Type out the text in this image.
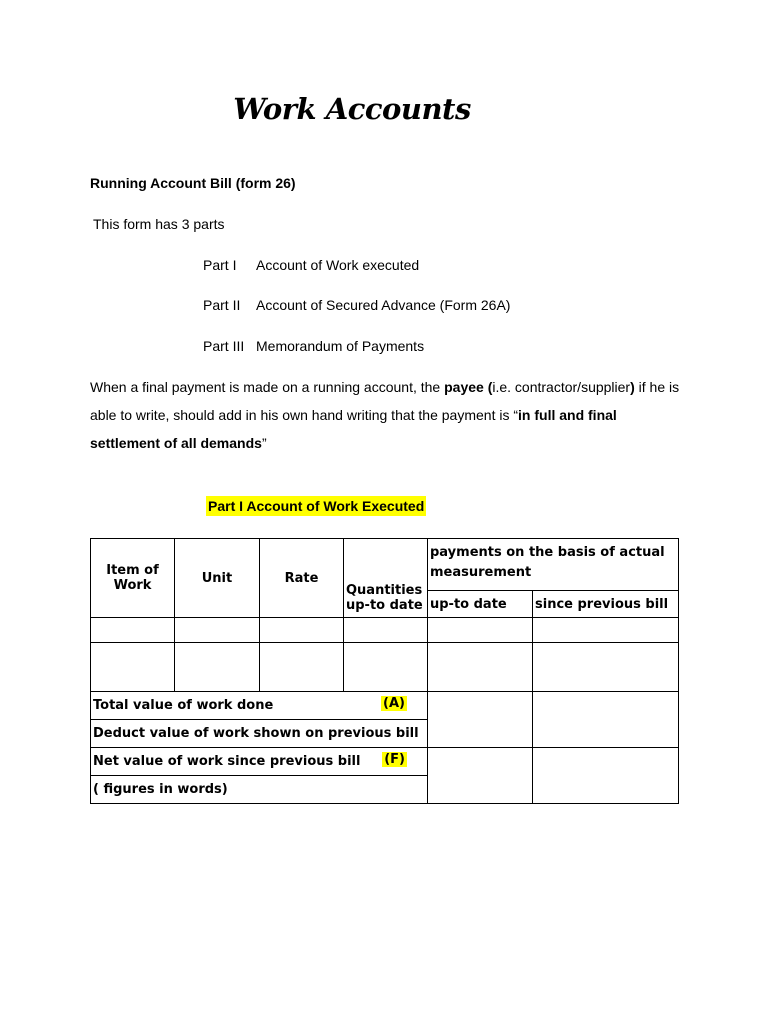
Work Accounts
Running Account Bill (form 26)
This form has 3 parts
Part I Account of Work executed
Part II Account of Secured Advance (Form 26A)
Part III Memorandum of Payments
When a final payment is made on a running account, the payee (i.e. contractor/supplier) if he is able to write, should add in his own hand writing that the payment is “in full and final settlement of all demands”
Part I Account of Work Executed
Item of Work	Unit	Rate	Quantities up-to date	payments on the basis of actual measurement	
				up-to date	since previous bill

Total value of work done (A)					

Deduct value of work shown on previous bill					
Net value of work since previous bill (F)					

( figures in words)					
